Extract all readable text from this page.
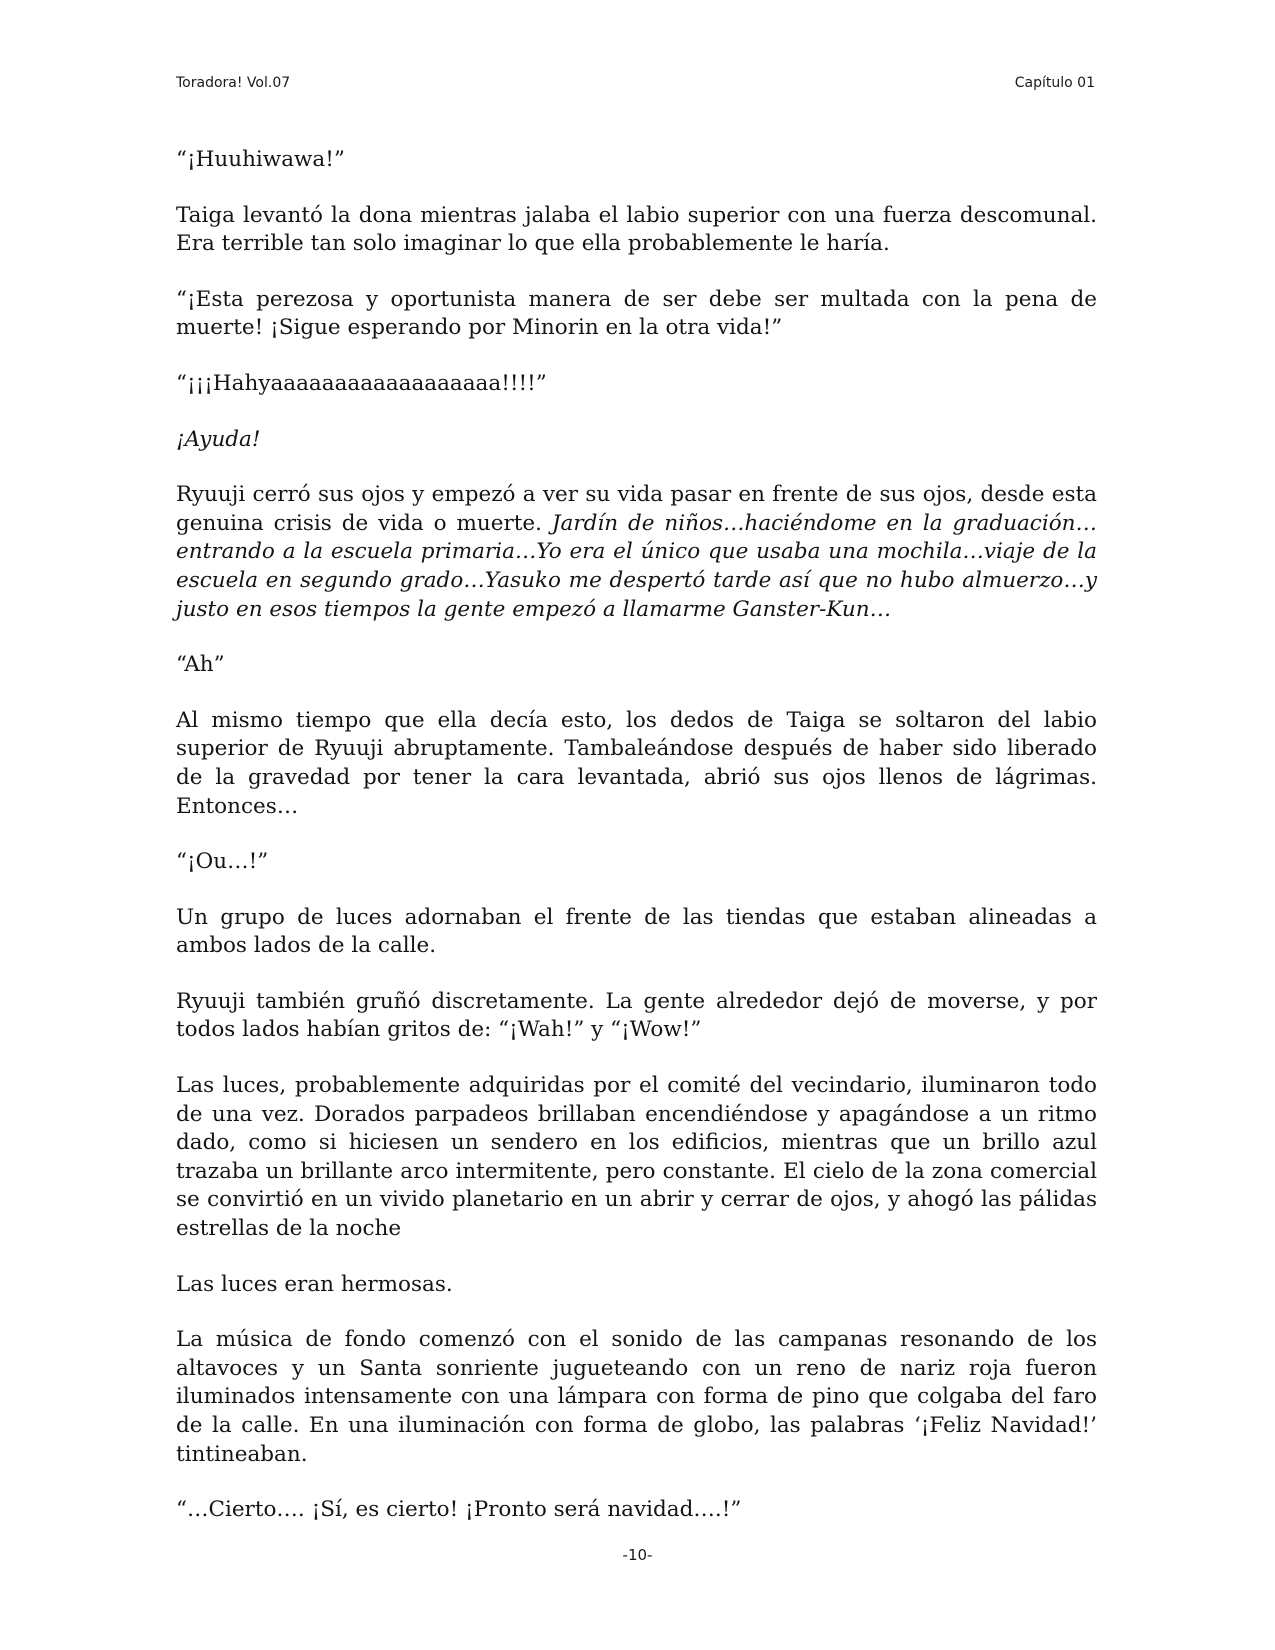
Toradora! Vol.07	Capítulo 01

“¡Huuhiwawa!”

Taiga levantó la dona mientras jalaba el labio superior con una fuerza descomunal. Era terrible tan solo imaginar lo que ella probablemente le haría.

“¡Esta perezosa y oportunista manera de ser debe ser multada con la pena de muerte! ¡Sigue esperando por Minorin en la otra vida!”

“¡¡¡Hahyaaaaaaaaaaaaaaaaaa!!!!”

¡Ayuda!

Ryuuji cerró sus ojos y empezó a ver su vida pasar en frente de sus ojos, desde esta genuina crisis de vida o muerte. Jardín de niños…haciéndome en la graduación…entrando a la escuela primaria…Yo era el único que usaba una mochila…viaje de la escuela en segundo grado…Yasuko me despertó tarde así que no hubo almuerzo…y justo en esos tiempos la gente empezó a llamarme Ganster-Kun…

“Ah”

Al mismo tiempo que ella decía esto, los dedos de Taiga se soltaron del labio superior de Ryuuji abruptamente. Tambaleándose después de haber sido liberado de la gravedad por tener la cara levantada, abrió sus ojos llenos de lágrimas. Entonces…

“¡Ou…!”

Un grupo de luces adornaban el frente de las tiendas que estaban alineadas a ambos lados de la calle.

Ryuuji también gruñó discretamente. La gente alrededor dejó de moverse, y por todos lados habían gritos de: “¡Wah!” y “¡Wow!”

Las luces, probablemente adquiridas por el comité del vecindario, iluminaron todo de una vez. Dorados parpadeos brillaban encendiéndose y apagándose a un ritmo dado, como si hiciesen un sendero en los edificios, mientras que un brillo azul trazaba un brillante arco intermitente, pero constante. El cielo de la zona comercial se convirtió en un vivido planetario en un abrir y cerrar de ojos, y ahogó las pálidas estrellas de la noche

Las luces eran hermosas.

La música de fondo comenzó con el sonido de las campanas resonando de los altavoces y un Santa sonriente jugueteando con un reno de nariz roja fueron iluminados intensamente con una lámpara con forma de pino que colgaba del faro de la calle. En una iluminación con forma de globo, las palabras ‘¡Feliz Navidad!’ tintineaban.

“…Cierto…. ¡Sí, es cierto! ¡Pronto será navidad….!”

-10-
